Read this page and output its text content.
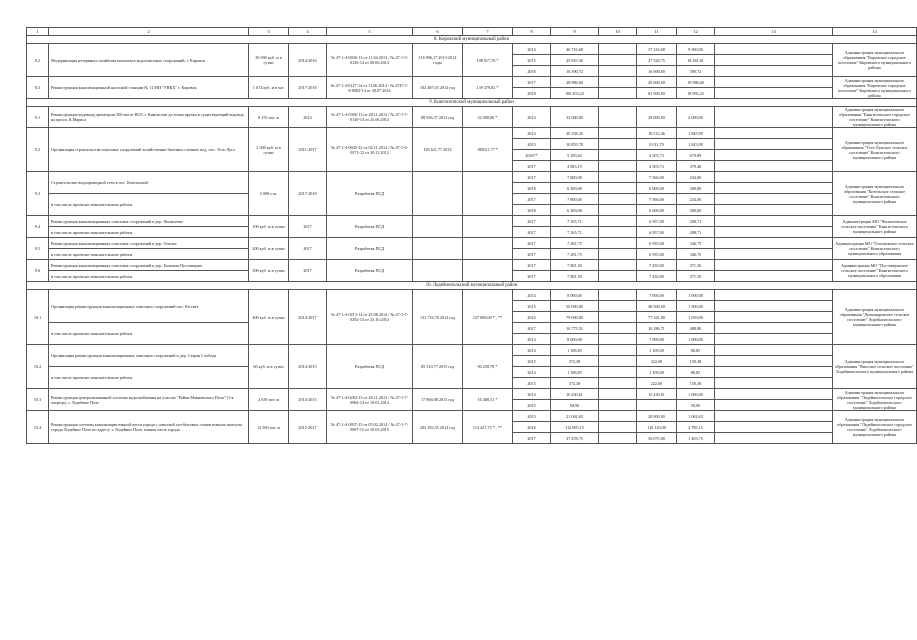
1	2	3	4	5	6	7	8	9	10	11	12	13	14	
8. Кировский муниципальный район														
8.2	Модернизация резервного хозяйства комплекса водоочистных сооружений, г. Кировск	30 000 куб. м в сутки	2014-2016	№ 47-1-4-0036-13 от 11.04.2013 / № 47-1-5-0126-14 от 06.06.2014	116 906,17 2013-2014 годы	108 917,76 *	2014	46 716,68		37 216,68	9 500,00		Администрация муниципального образования "Кировское городское поселение" Кировского муниципального района	
							2015	45 810,36		27 528,75	18 281,61			
							2016	16 390,72		16 000,00	390,72			
8.3	Реконструкция канализационной насосной станции № 11 МП "УВКХ" г. Кировск	1 674 куб. м в час	2017-2018	№ 47-1-4-0127-14 от 11.06.2014 / № 4747-1-8-0082-14 от 30.07.2014	102 487,03 2014 год	139 479,82 *	2017	28 986,60		20 000,00	18 986,60		Администрация муниципального образования "Кировское городское поселение" Кировского муниципального района	
							2018	100 493,22		81 500,00	18 993,22			
9. Кингисеппский муниципальный район														
9.1	Реконструкция водовода диаметром 500 мм от ВОС г. Кингисепп до точки врезки в существующий водовод на просп. К.Маркса	6 153 пог. м	2014	№ 47-1-4-0306-13 от 28.11.2013 / № 47-1-7-0149-14 от 25.06.2014	88 936,37 2013 год	32 000,00 *	2014	32 000,00		28 000,00	4 000,00		Администрация муниципального образования "Кингисеппское городское поселение" Кингисеппского муниципального района	
9.2	Организация строительства очистных сооружений хозяйственно-бытовых сточных вод, пос. Усть-Луга	2 500 куб. м в сутки	2011-2017	№ 47-1-4-0045-12 от 02.11.2012 / № 47-1-6-0371-12 от 30.11.2012	185 611,77 2012	185611,77 *	2014	20 358,45		18 512,46	1 845,99		Администрация муниципального образования "Усть-Лужское сельское поселение" Кингисеппского муниципального района	
							2015	10 855,78		9 011,79	1 843,99			
							2016**	5 183,62		4 503,73	679,89			
							2017	4 883,19		4 503,73	379,46			
9.3	Строительство водопроводной сети в пос. Котельский	5 000 п.м.	2017-2018	Разработка ПСД			2017	7 800,00		7 566,00	234,00		Администрация муниципального образования "Котельское сельское поселение" Кингисеппского муниципального района	
							2018	6 300,00		6 000,00	300,00			
	в том числе проектно-изыскательские работы						2017	7 800,00		7 566,00	234,00			
							2018	6 300,00		6 000,00	300,00			
9.4	Реконструкция канализационных очистных сооружений в дер. Фалилеево	100 куб. м в сутки	2017	Разработка ПСД			2017	7 165,71		6 957,00	208,71		Администрация МО "Фалилеевское сельское поселение" Кингисеппского муниципального района	
	в том числе проектно-изыскательские работы						2017	7 165,71		6 957,00	208,71			
9.5	Реконструкция канализационных очистных сооружений в дер. Ополье	200 куб. м в сутки	2017	Разработка ПСД			2017	7 281,75		6 935,00	346,75		Администрация МО "Опольевское сельское поселение" Кингисеппского муниципального образования	
	в том числе проектно-изыскательские работы						2017	7 281,75		6 935,00	346,75			
9.6	Реконструкция канализационных очистных сооружений в дер. Большая Пустомержа	300 куб. м в сутки	2017	Разработка ПСД			2017	7 801,50		7 430,00	371,50		Администрация МО "Пустомержское сельское поселение" Кингисеппского муниципального образования	
	в том числе проектно-изыскательские работы						2017	7 801,50		7 430,00	371,50			
10. Лодейнопольский муниципальный район														
10.1	Организация реконструкции канализационных очистных сооружений пос. Рассвет	400 куб. м в сутки	2014-2017	№ 47-1-4-0213-14 от 25.08.2014 / № 47-1-7-0292-14 от 23.10.2014	131 716,78 2014 год	137 000,00 * , **	2014	8 000,00		7 000,00	1 000,00		Администрация муниципального образования "Доможировское сельское поселение" Лодейнопольского муниципального района	
							2015	50 000,00		48 500,00	1 500,00			
							2016	79 000,00		77 341,00	1 659,00			
	в том числе проектно-изыскательские работы						2017	16 775,51		16 286,71	488,80			
							2014	8 000,00		7 000,00	1 000,00			
10.2	Организация реконструкции канализационных очистных сооружений в дер. Старая Слобода	60 куб. м в сутки	2014-2015	Разработка ПСД	85 310,77 2015 год	90 258,78 *	2014	1 186,85		1 100,00	86,85		Администрация муниципального образования "Янегское сельское поселение" Лодейнопольского муниципального района	
							2015	372,38		222,00	150,38			
	в том числе проектно-изыскательские работы						2014	1 186,85		1 100,00	86,85			
							2015	372,38		222,00	150,38			
10.3	Реконструкция централизованной системы водоснабжения на участке "Район Мамаевского Поля" (1-я очередь), г. Лодейное Поле	2 639 пог. м	2014-2015	№ 47-1-4-0282-13 от 26.11.2013 / № 47-1-7-0964-14 от 19.01.2014	17 966,08 2013 год	16 480,51 *	2014	16 430,61		15 430,61	1 000,00		Администрация муниципального образования "Лодейнопольское городское поселение" Лодейнопольского муниципального района	
							2015	58,90			58,90			
10.4	Реконструкция системы канализации южной части города с очисткой хоз-бытовых стоков южного выпуска города Лодейное Поле по адресу: г. Лодейное Поле, южная часть города	12 500 пог. м	2015-2017	№ 47-1-4-0037-15 от 05.02.2014 / № 47-1-7-0097-15 от 10.03.2015	203 183,55 2014 год	114 427,73 * , **	2015	21 062,63		20 000,00	1 062,63		Администрация муниципального образования "Лодейнопольское городское поселение" Лодейнопольского муниципального района	
							2016	112 905,15		110 120,00	2 785,15			
							2017	37 478,75		36 075,00	1 403,75			
